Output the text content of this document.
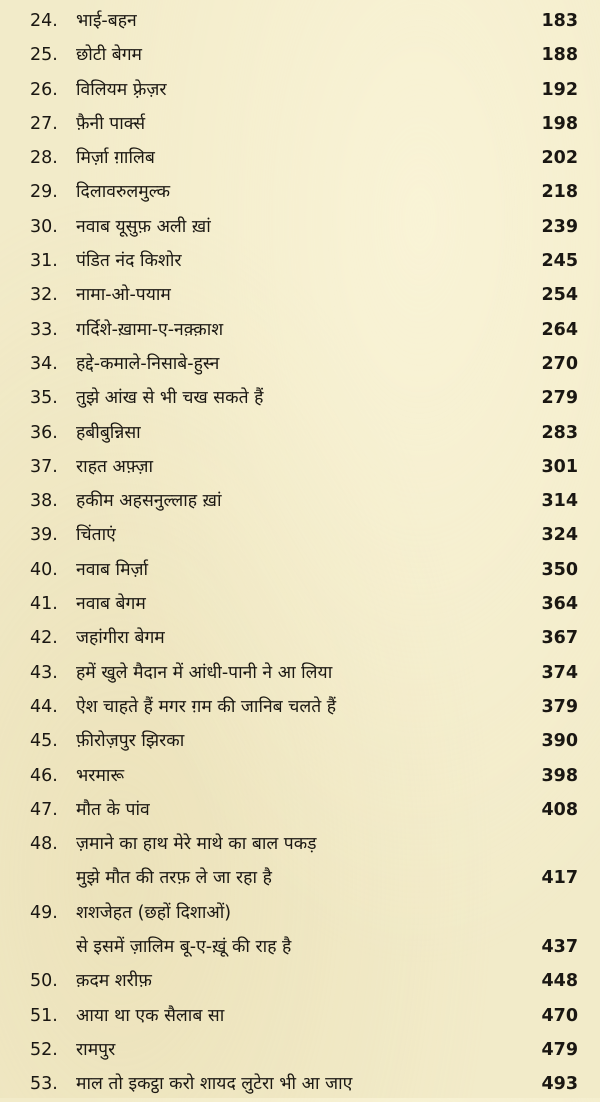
24.	भाई-बहन	183
25.	छोटी बेगम	188
26.	विलियम फ़्रेज़र	192
27.	फ़ैनी पार्क्स	198
28.	मिर्ज़ा ग़ालिब	202
29.	दिलावरुलमुल्क	218
30.	नवाब यूसुफ़ अली ख़ां	239
31.	पंडित नंद किशोर	245
32.	नामा-ओ-पयाम	254
33.	गर्दिशे-ख़ामा-ए-नक़्क़ाश	264
34.	हद्दे-कमाले-निसाबे-हुस्न	270
35.	तुझे आंख से भी चख सकते हैं	279
36.	हबीबुन्निसा	283
37.	राहत अफ़्ज़ा	301
38.	हकीम अहसनुल्लाह ख़ां	314
39.	चिंताएं	324
40.	नवाब मिर्ज़ा	350
41.	नवाब बेगम	364
42.	जहांगीरा बेगम	367
43.	हमें खुले मैदान में आंधी-पानी ने आ लिया	374
44.	ऐश चाहते हैं मगर ग़म की जानिब चलते हैं	379
45.	फ़ीरोज़पुर झिरका	390
46.	भरमारू	398
47.	मौत के पांव	408
48.	ज़माने का हाथ मेरे माथे का बाल पकड़
मुझे मौत की तरफ़ ले जा रहा है	417
49.	शशजेहत (छहों दिशाओं)
से इसमें ज़ालिम बू-ए-ख़ूं की राह है	437
50.	क़दम शरीफ़	448
51.	आया था एक सैलाब सा	470
52.	रामपुर	479
53.	माल तो इकट्ठा करो शायद लुटेरा भी आ जाए	493
